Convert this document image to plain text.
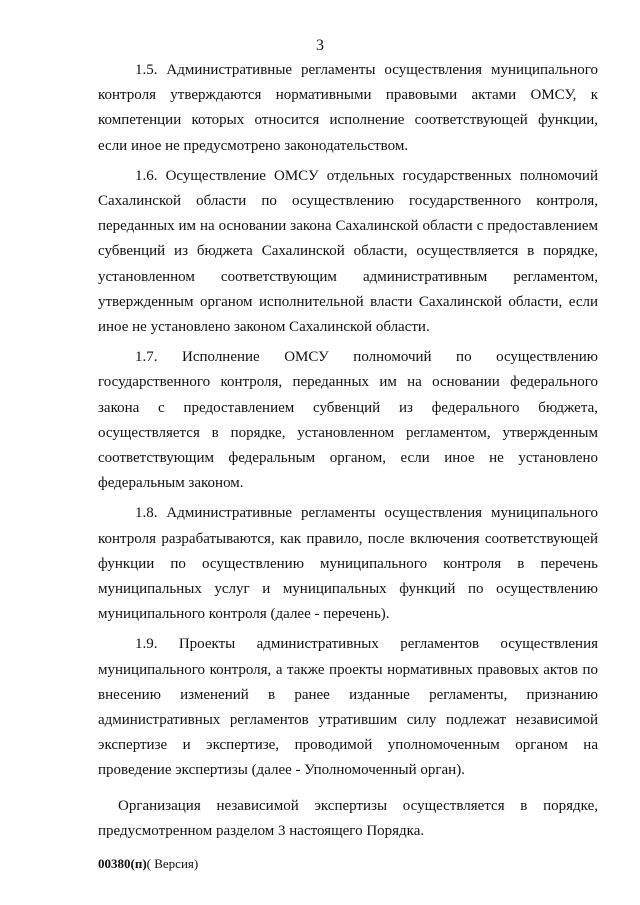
3

1.5. Административные регламенты осуществления муниципального контроля утверждаются нормативными правовыми актами ОМСУ, к компетенции которых относится исполнение соответствующей функции, если иное не предусмотрено законодательством.

1.6. Осуществление ОМСУ отдельных государственных полномочий Сахалинской области по осуществлению государственного контроля, переданных им на основании закона Сахалинской области с предоставлением субвенций из бюджета Сахалинской области, осуществляется в порядке, установленном соответствующим административным регламентом, утвержденным органом исполнительной власти Сахалинской области, если иное не установлено законом Сахалинской области.

1.7. Исполнение ОМСУ полномочий по осуществлению государственного контроля, переданных им на основании федерального закона с предоставлением субвенций из федерального бюджета, осуществляется в порядке, установленном регламентом, утвержденным соответствующим федеральным органом, если иное не установлено федеральным законом.

1.8. Административные регламенты осуществления муниципального контроля разрабатываются, как правило, после включения соответствующей функции по осуществлению муниципального контроля в перечень муниципальных услуг и муниципальных функций по осуществлению муниципального контроля (далее - перечень).

1.9. Проекты административных регламентов осуществления муниципального контроля, а также проекты нормативных правовых актов по внесению изменений в ранее изданные регламенты, признанию административных регламентов утратившим силу подлежат независимой экспертизе и экспертизе, проводимой уполномоченным органом на проведение экспертизы (далее - Уполномоченный орган).

Организация независимой экспертизы осуществляется в порядке, предусмотренном разделом 3 настоящего Порядка.

00380(п)( Версия)
